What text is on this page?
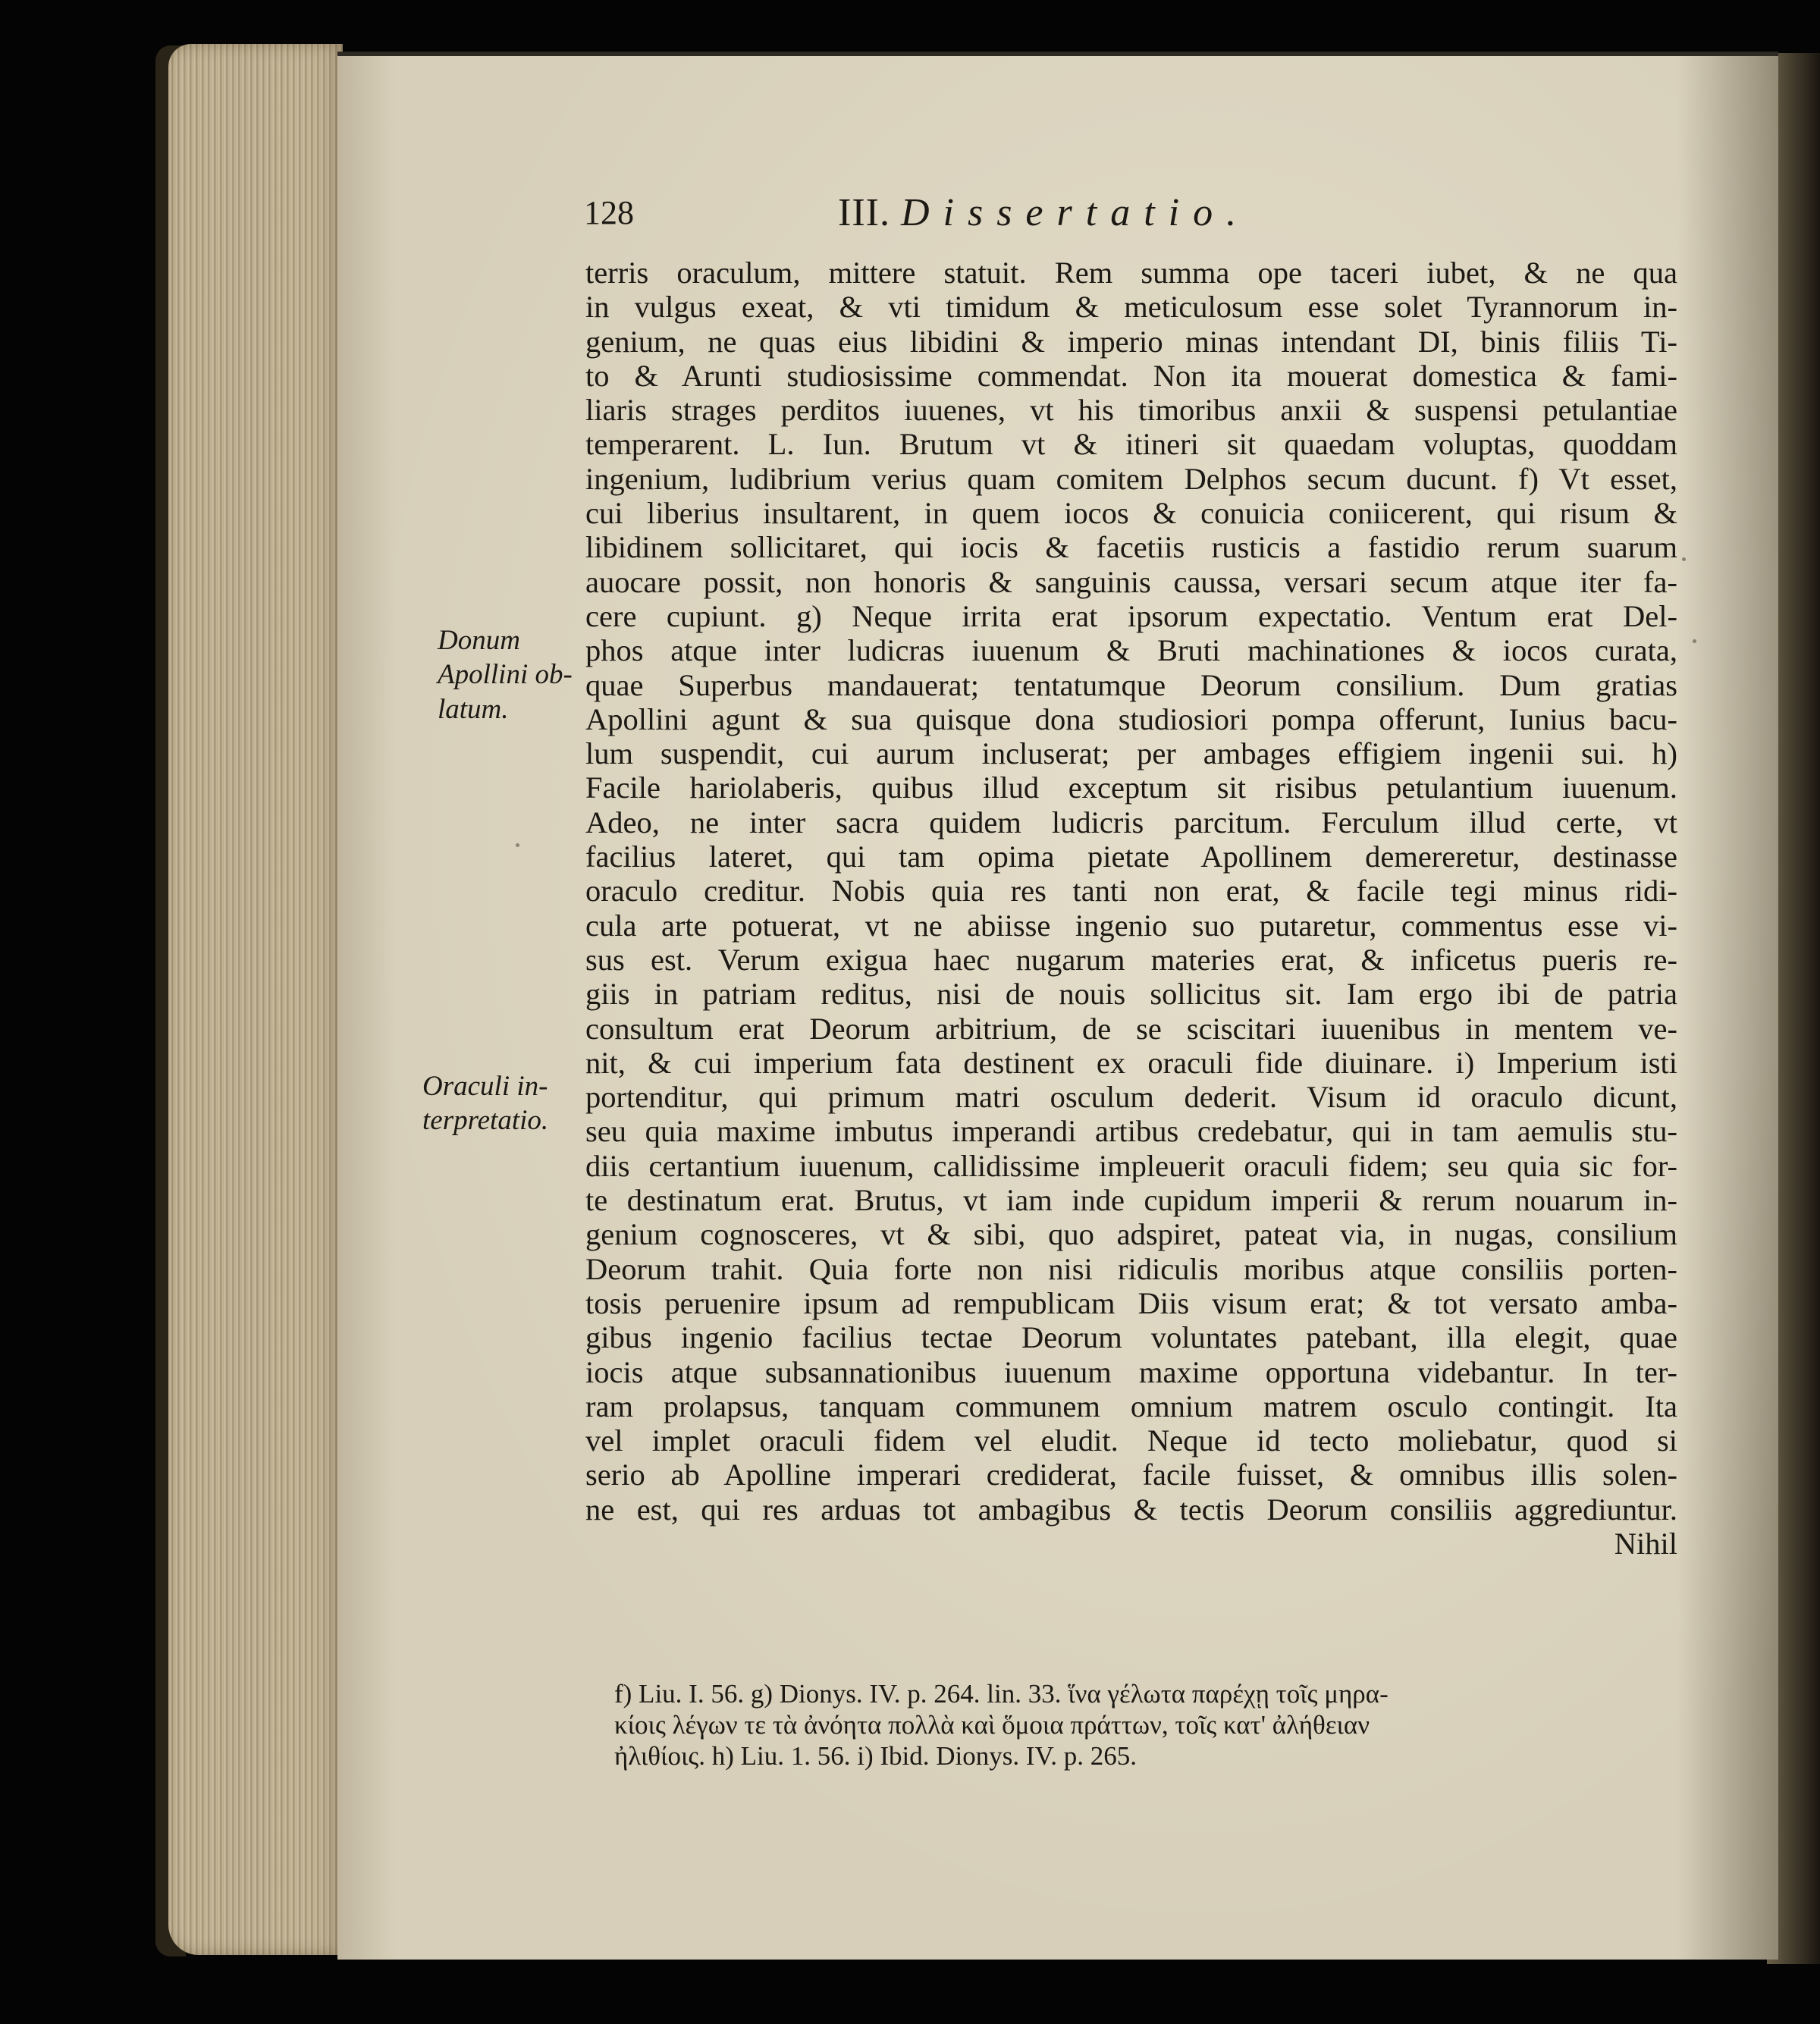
128	III. Dissertatio.
Donum
Apollini ob-
latum.
Oraculi in-
terpretatio.
terris oraculum, mittere statuit. Rem summa ope taceri iubet, & ne qua
in vulgus exeat, & vti timidum & meticulosum esse solet Tyrannorum in-
genium, ne quas eius libidini & imperio minas intendant DI, binis filiis Ti-
to & Arunti studiosissime commendat. Non ita mouerat domestica & fami-
liaris strages perditos iuuenes, vt his timoribus anxii & suspensi petulantiae
temperarent. L. Iun. Brutum vt & itineri sit quaedam voluptas, quoddam
ingenium, ludibrium verius quam comitem Delphos secum ducunt. f) Vt esset,
cui liberius insultarent, in quem iocos & conuicia coniicerent, qui risum &
libidinem sollicitaret, qui iocis & facetiis rusticis a fastidio rerum suarum
auocare possit, non honoris & sanguinis caussa, versari secum atque iter fa-
cere cupiunt. g) Neque irrita erat ipsorum expectatio. Ventum erat Del-
phos atque inter ludicras iuuenum & Bruti machinationes & iocos curata,
quae Superbus mandauerat; tentatumque Deorum consilium. Dum gratias
Apollini agunt & sua quisque dona studiosiori pompa offerunt, Iunius bacu-
lum suspendit, cui aurum incluserat; per ambages effigiem ingenii sui. h)
Facile hariolaberis, quibus illud exceptum sit risibus petulantium iuuenum.
Adeo, ne inter sacra quidem ludicris parcitum. Ferculum illud certe, vt
facilius lateret, qui tam opima pietate Apollinem demereretur, destinasse
oraculo creditur. Nobis quia res tanti non erat, & facile tegi minus ridi-
cula arte potuerat, vt ne abiisse ingenio suo putaretur, commentus esse vi-
sus est. Verum exigua haec nugarum materies erat, & inficetus pueris re-
giis in patriam reditus, nisi de nouis sollicitus sit. Iam ergo ibi de patria
consultum erat Deorum arbitrium, de se sciscitari iuuenibus in mentem ve-
nit, & cui imperium fata destinent ex oraculi fide diuinare. i) Imperium isti
portenditur, qui primum matri osculum dederit. Visum id oraculo dicunt,
seu quia maxime imbutus imperandi artibus credebatur, qui in tam aemulis stu-
diis certantium iuuenum, callidissime impleuerit oraculi fidem; seu quia sic for-
te destinatum erat. Brutus, vt iam inde cupidum imperii & rerum nouarum in-
genium cognosceres, vt & sibi, quo adspiret, pateat via, in nugas, consilium
Deorum trahit. Quia forte non nisi ridiculis moribus atque consiliis porten-
tosis peruenire ipsum ad rempublicam Diis visum erat; & tot versato amba-
gibus ingenio facilius tectae Deorum voluntates patebant, illa elegit, quae
iocis atque subsannationibus iuuenum maxime opportuna videbantur. In ter-
ram prolapsus, tanquam communem omnium matrem osculo contingit. Ita
vel implet oraculi fidem vel eludit. Neque id tecto moliebatur, quod si
serio ab Apolline imperari crediderat, facile fuisset, & omnibus illis solen-
ne est, qui res arduas tot ambagibus & tectis Deorum consiliis aggrediuntur.
Nihil
f) Liu. I. 56. g) Dionys. IV. p. 264. lin. 33. ἵνα γέλωτα παρέχῃ τοῖς μηρα-
κίοις λέγων τε τὰ ἀνόητα πολλὰ καὶ ὅμοια πράττων, τοῖς κατ' ἀλήθειαν
ἠλιθίοις. h) Liu. 1. 56. i) Ibid. Dionys. IV. p. 265.
